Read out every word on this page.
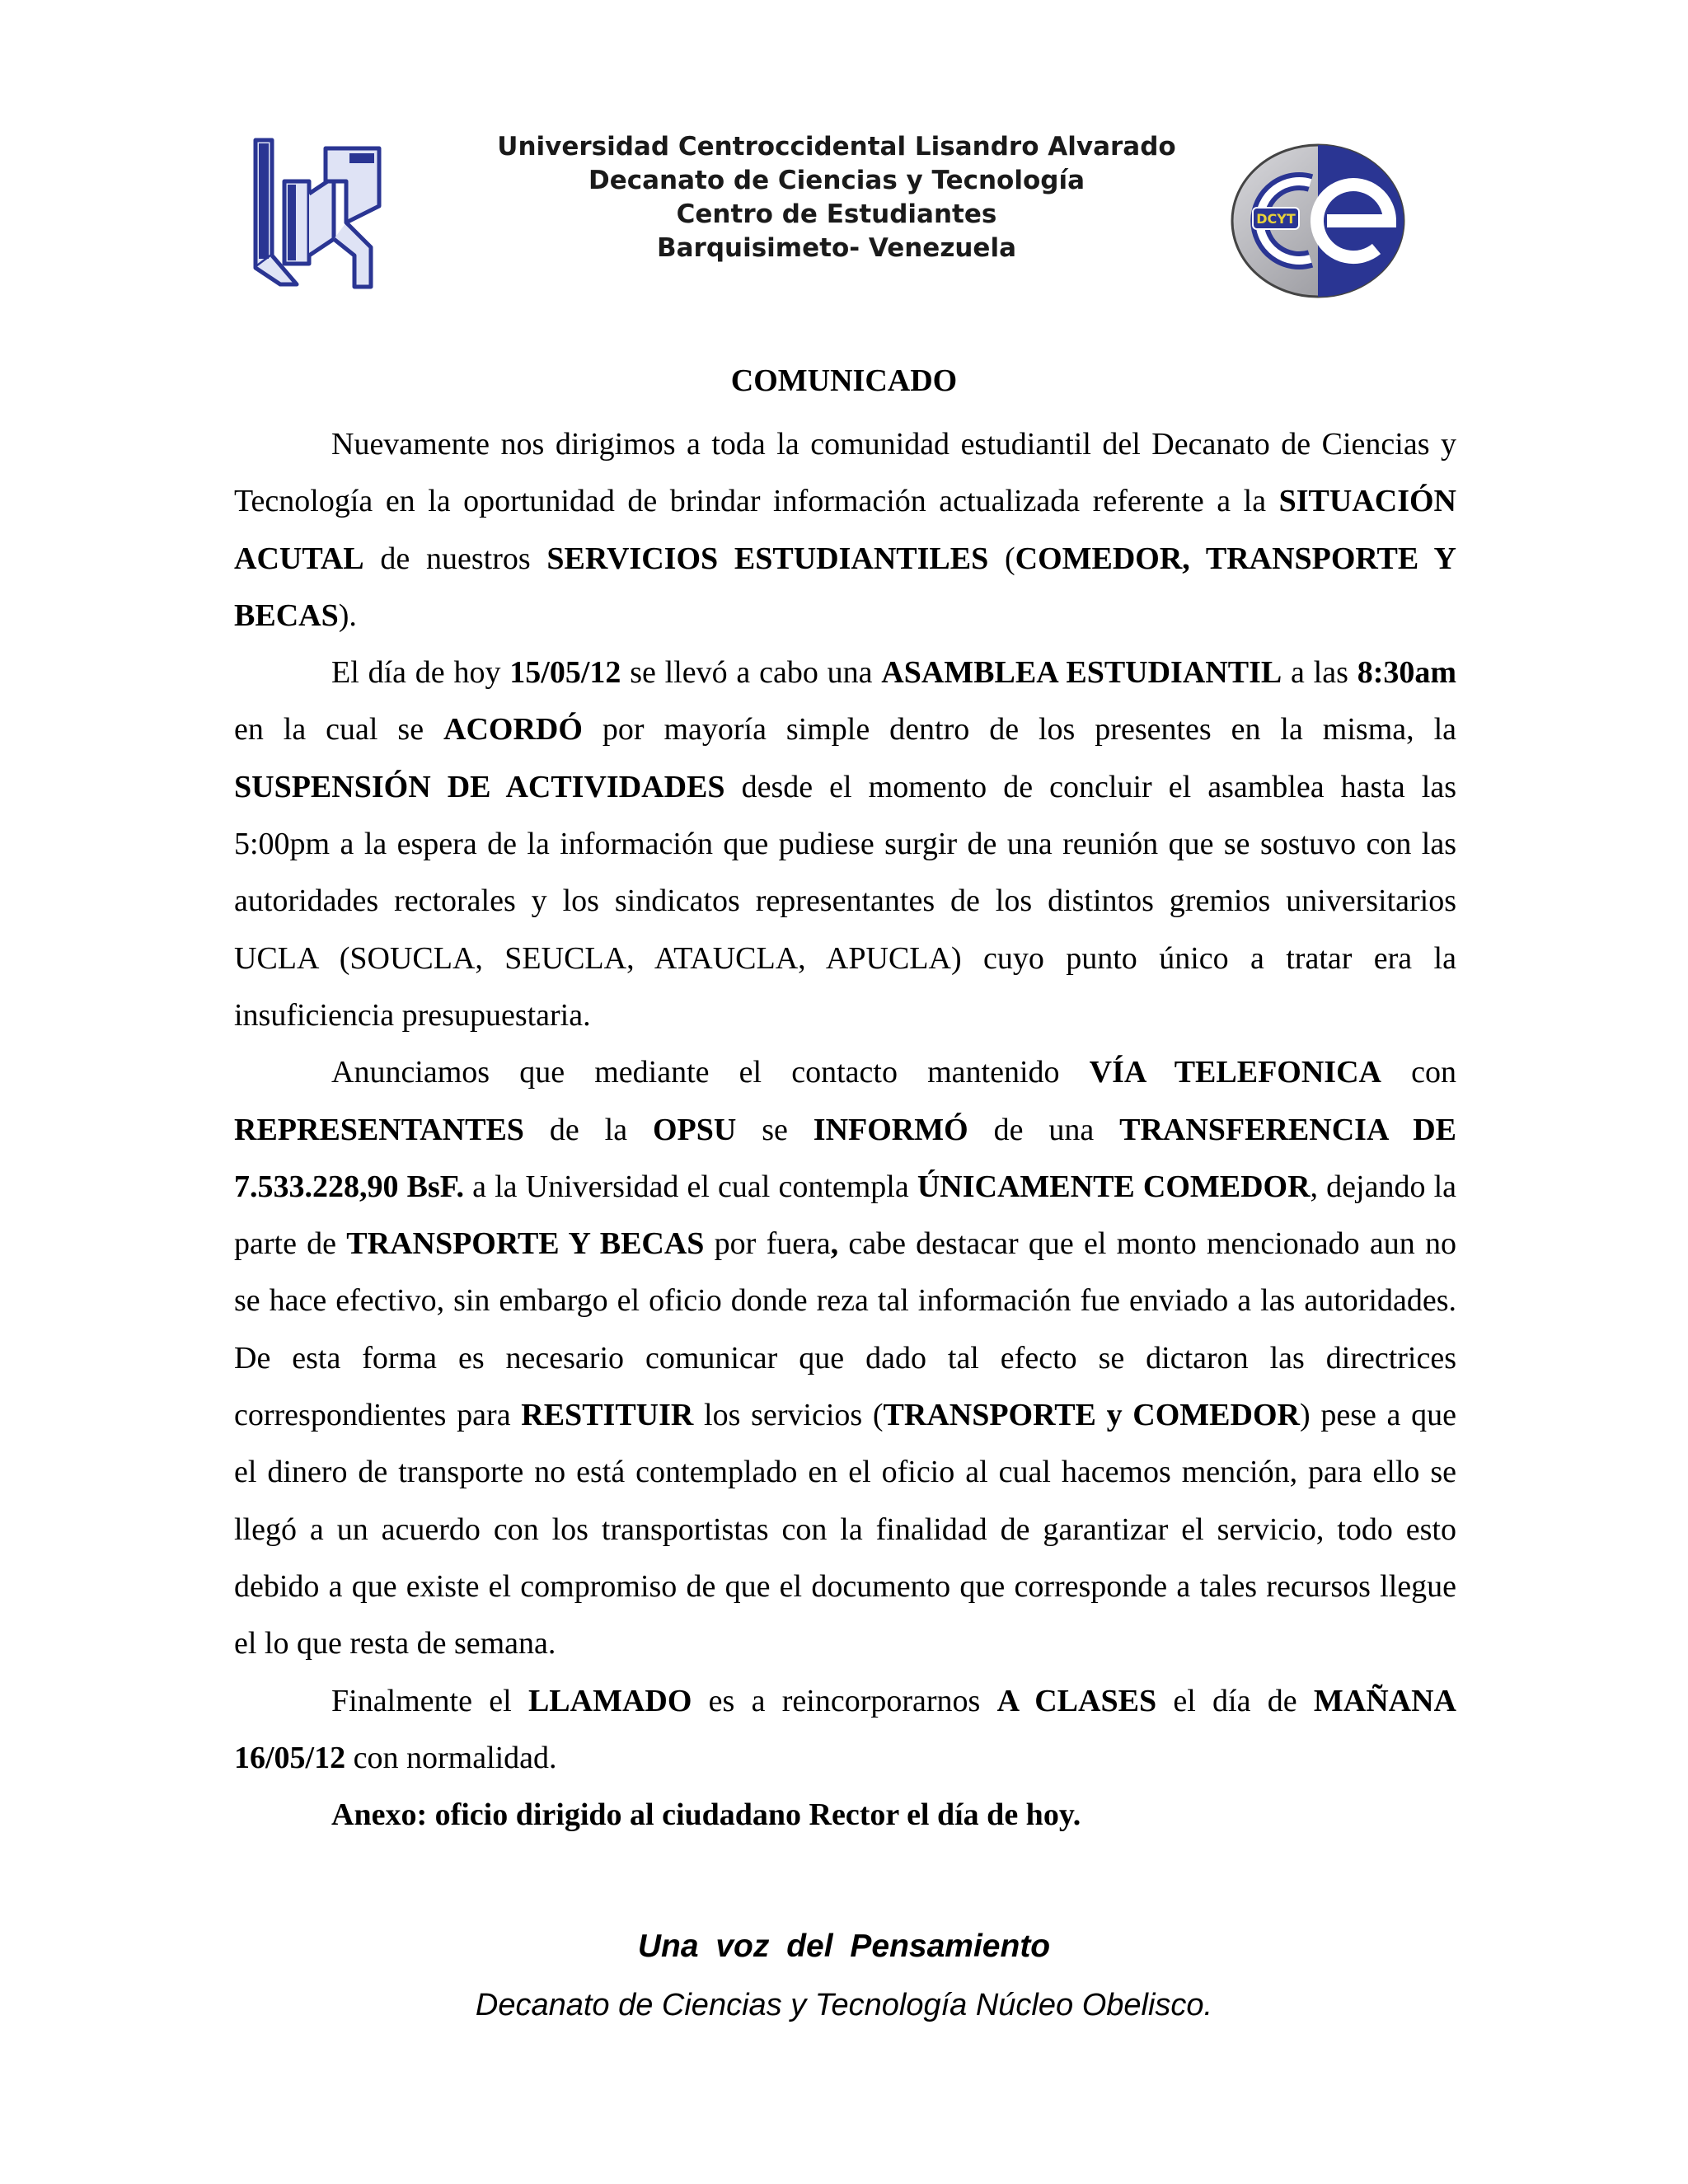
DCYT
Universidad Centroccidental Lisandro Alvarado
Decanato de Ciencias y Tecnología
Centro de Estudiantes
Barquisimeto- Venezuela
COMUNICADO

Nuevamente nos dirigimos a toda la comunidad estudiantil del Decanato de Ciencias y Tecnología en la oportunidad de brindar información actualizada referente a la SITUACIÓN ACUTAL de nuestros SERVICIOS ESTUDIANTILES (COMEDOR, TRANSPORTE Y BECAS).

El día de hoy 15/05/12 se llevó a cabo una ASAMBLEA ESTUDIANTIL a las 8:30am en la cual se ACORDÓ por mayoría simple dentro de los presentes en la misma, la SUSPENSIÓN DE ACTIVIDADES desde el momento de concluir el asamblea hasta las 5:00pm a la espera de la información que pudiese surgir de una reunión que se sostuvo con las autoridades rectorales y los sindicatos representantes de los distintos gremios universitarios UCLA (SOUCLA, SEUCLA, ATAUCLA, APUCLA) cuyo punto único a tratar era la insuficiencia presupuestaria.

Anunciamos que mediante el contacto mantenido VÍA TELEFONICA con REPRESENTANTES de la OPSU se INFORMÓ de una TRANSFERENCIA DE 7.533.228,90 BsF. a la Universidad el cual contempla ÚNICAMENTE COMEDOR, dejando la parte de TRANSPORTE Y BECAS por fuera, cabe destacar que el monto mencionado aun no se hace efectivo, sin embargo el oficio donde reza tal información fue enviado a las autoridades. De esta forma es necesario comunicar que dado tal efecto se dictaron las directrices correspondientes para RESTITUIR los servicios (TRANSPORTE y COMEDOR) pese a que el dinero de transporte no está contemplado en el oficio al cual hacemos mención, para ello se llegó a un acuerdo con los transportistas con la finalidad de garantizar el servicio, todo esto debido a que existe el compromiso de que el documento que corresponde a tales recursos llegue el lo que resta de semana.

Finalmente el LLAMADO es a reincorporarnos A CLASES el día de MAÑANA 16/05/12 con normalidad.

Anexo: oficio dirigido al ciudadano Rector el día de hoy.

Una voz del Pensamiento
Decanato de Ciencias y Tecnología Núcleo Obelisco.
